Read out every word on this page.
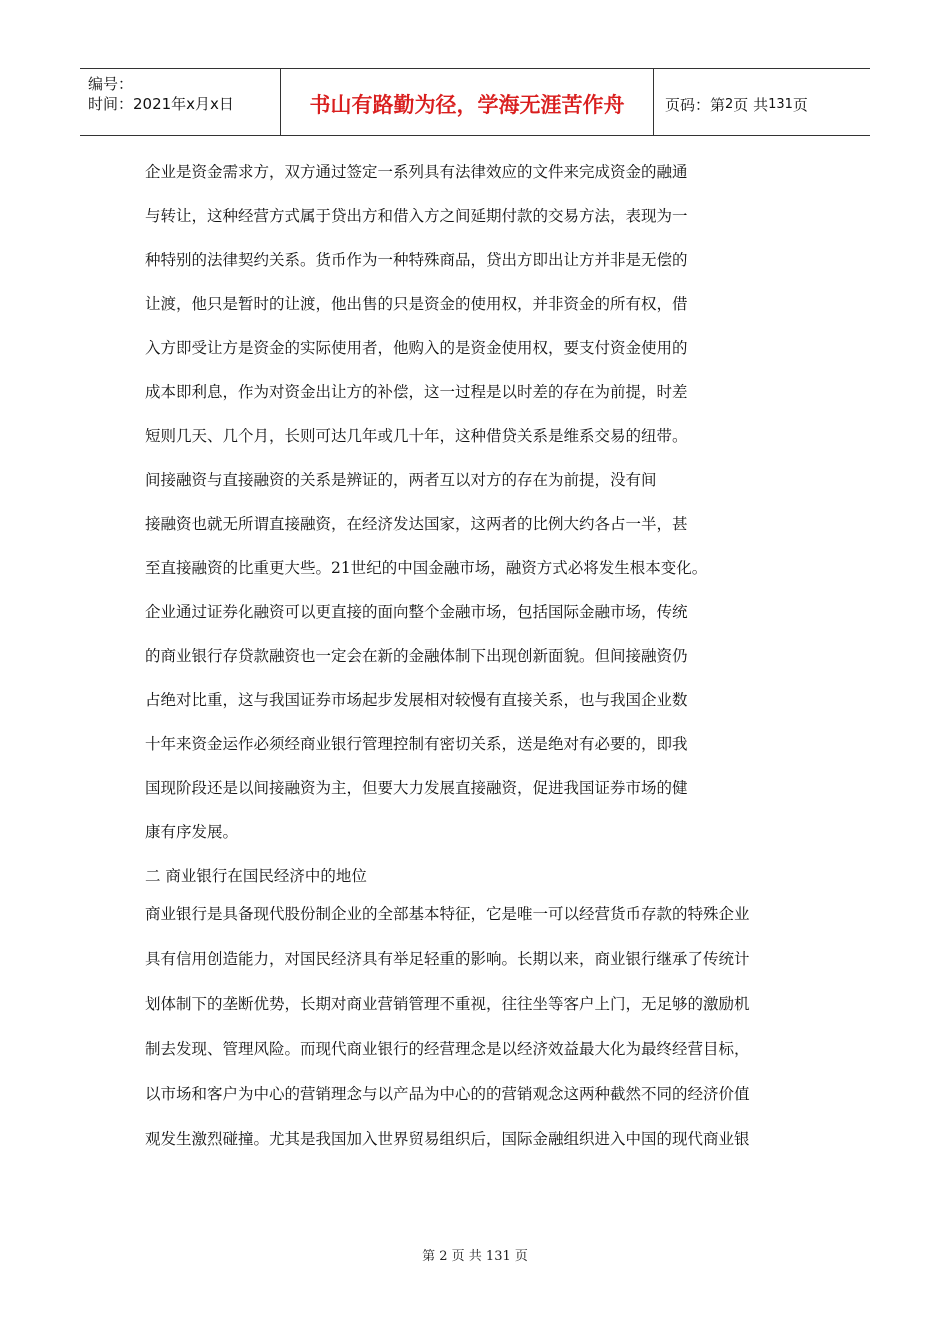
编号：
时间：2021年x月x日	书山有路勤为径，学海无涯苦作舟	页码：第 2 页 共 131 页
企业是资金需求方，双方通过签定一系列具有法律效应的文件来完成资金的融通
与转让，这种经营方式属于贷出方和借入方之间延期付款的交易方法，表现为一
种特别的法律契约关系。货币作为一种特殊商品，贷出方即出让方并非是无偿的
让渡，他只是暂时的让渡，他出售的只是资金的使用权，并非资金的所有权，借
入方即受让方是资金的实际使用者，他购入的是资金使用权，要支付资金使用的
成本即利息，作为对资金出让方的补偿，这一过程是以时差的存在为前提，时差
短则几天、几个月，长则可达几年或几十年，这种借贷关系是维系交易的纽带。
间接融资与直接融资的关系是辨证的，两者互以对方的存在为前提，没有间
接融资也就无所谓直接融资，在经济发达国家，这两者的比例大约各占一半，甚
至直接融资的比重更大些。21世纪的中国金融市场，融资方式必将发生根本变化。
企业通过证券化融资可以更直接的面向整个金融市场，包括国际金融市场，传统
的商业银行存贷款融资也一定会在新的金融体制下出现创新面貌。但间接融资仍
占绝对比重，这与我国证券市场起步发展相对较慢有直接关系，也与我国企业数
十年来资金运作必须经商业银行管理控制有密切关系，送是绝对有必要的，即我
国现阶段还是以间接融资为主，但要大力发展直接融资，促进我国证券市场的健
康有序发展。
二 商业银行在国民经济中的地位
商业银行是具备现代股份制企业的全部基本特征，它是唯一可以经营货币存款的特殊企业
具有信用创造能力，对国民经济具有举足轻重的影响。长期以来，商业银行继承了传统计
划体制下的垄断优势，长期对商业营销管理不重视，往往坐等客户上门，无足够的激励机
制去发现、管理风险。而现代商业银行的经营理念是以经济效益最大化为最终经营目标，
以市场和客户为中心的营销理念与以产品为中心的的营销观念这两种截然不同的经济价值
观发生激烈碰撞。尤其是我国加入世界贸易组织后，国际金融组织进入中国的现代商业银
第 2 页 共 131 页
